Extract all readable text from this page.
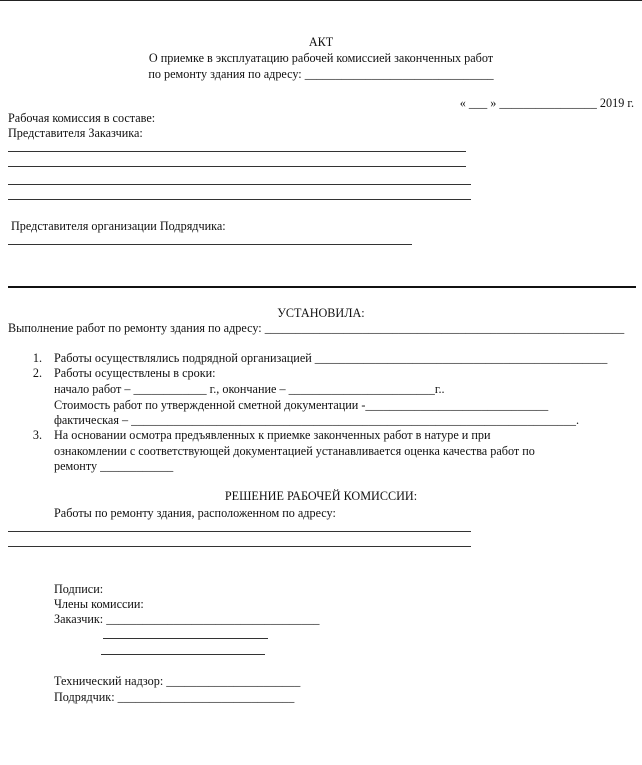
АКТ
О приемке в эксплуатацию рабочей комиссией законченных работ
по ремонту здания по адресу: _______________________________
« ___ » ________________ 2019 г.
Рабочая комиссия в составе:
Представителя Заказчика:
Представителя организации Подрядчика:
УСТАНОВИЛА:
Выполнение работ по ремонту здания по адресу: ___________________________________________________________
1. Работы осуществлялись подрядной организацией ________________________________________________
2. Работы осуществлены в сроки:
начало работ – ____________ г., окончание – ________________________г..
Стоимость работ по утвержденной сметной документации -______________________________
фактическая – _________________________________________________________________________.
3. На основании осмотра предъявленных к приемке законченных работ в натуре и при
ознакомлении с соответствующей документацией устанавливается оценка качества работ по
ремонту ____________
РЕШЕНИЕ РАБОЧЕЙ КОМИССИИ:
Работы по ремонту здания, расположенном по адресу:
Подписи:
Члены комиссии:
Заказчик: ___________________________________
Технический надзор: ______________________
Подрядчик: _____________________________
